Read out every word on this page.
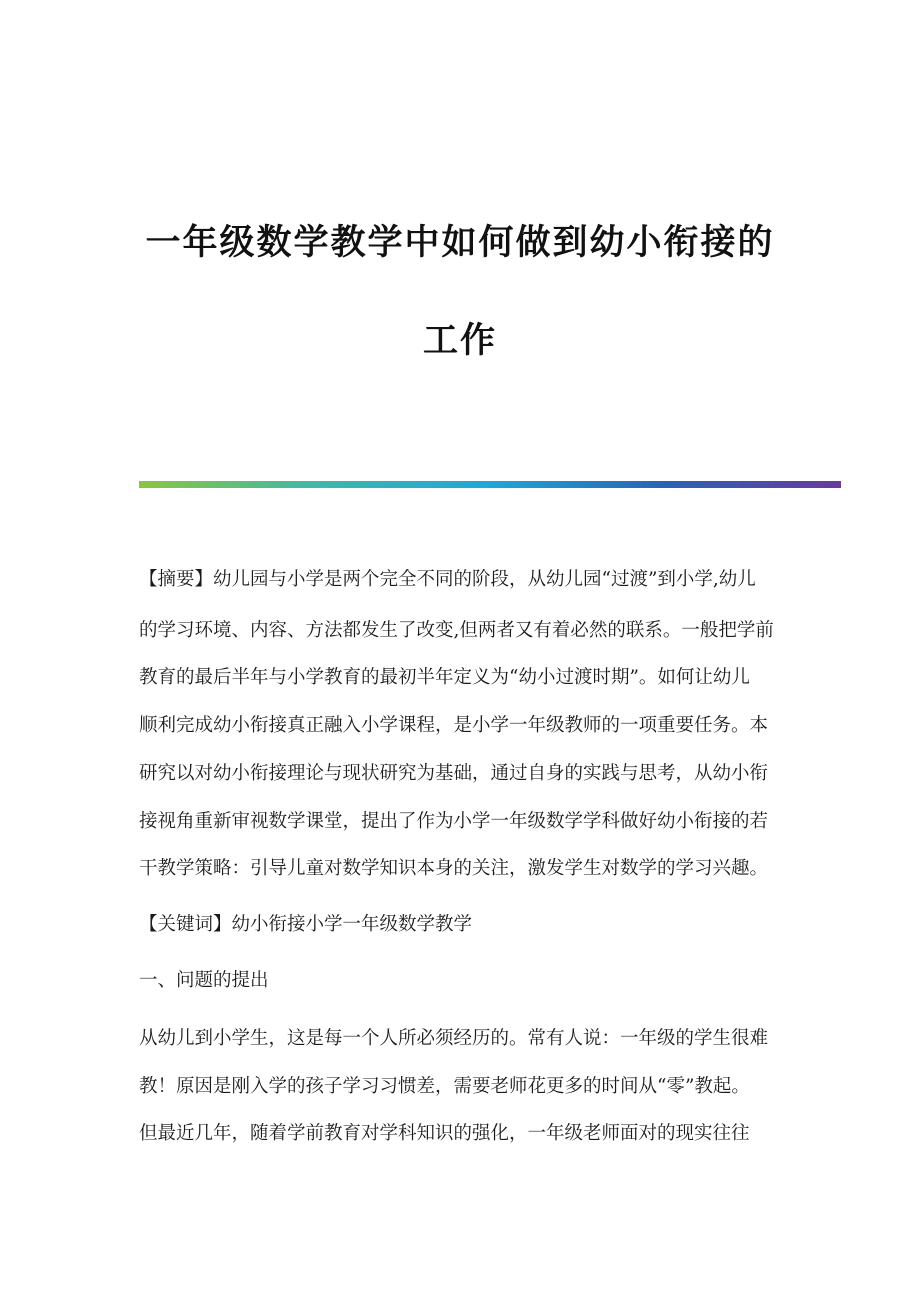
一年级数学教学中如何做到幼小衔接的
工作
【摘要】幼儿园与小学是两个完全不同的阶段，从幼儿园“过渡”到小学,幼儿
的学习环境、内容、方法都发生了改变,但两者又有着必然的联系。一般把学前
教育的最后半年与小学教育的最初半年定义为“幼小过渡时期”。如何让幼儿
顺利完成幼小衔接真正融入小学课程，是小学一年级教师的一项重要任务。本
研究以对幼小衔接理论与现状研究为基础，通过自身的实践与思考，从幼小衔
接视角重新审视数学课堂，提出了作为小学一年级数学学科做好幼小衔接的若
干教学策略：引导儿童对数学知识本身的关注，激发学生对数学的学习兴趣。
【关键词】幼小衔接小学一年级数学教学
一、问题的提出
从幼儿到小学生，这是每一个人所必须经历的。常有人说：一年级的学生很难
教！原因是刚入学的孩子学习习惯差，需要老师花更多的时间从“零”教起。
但最近几年，随着学前教育对学科知识的强化，一年级老师面对的现实往往
